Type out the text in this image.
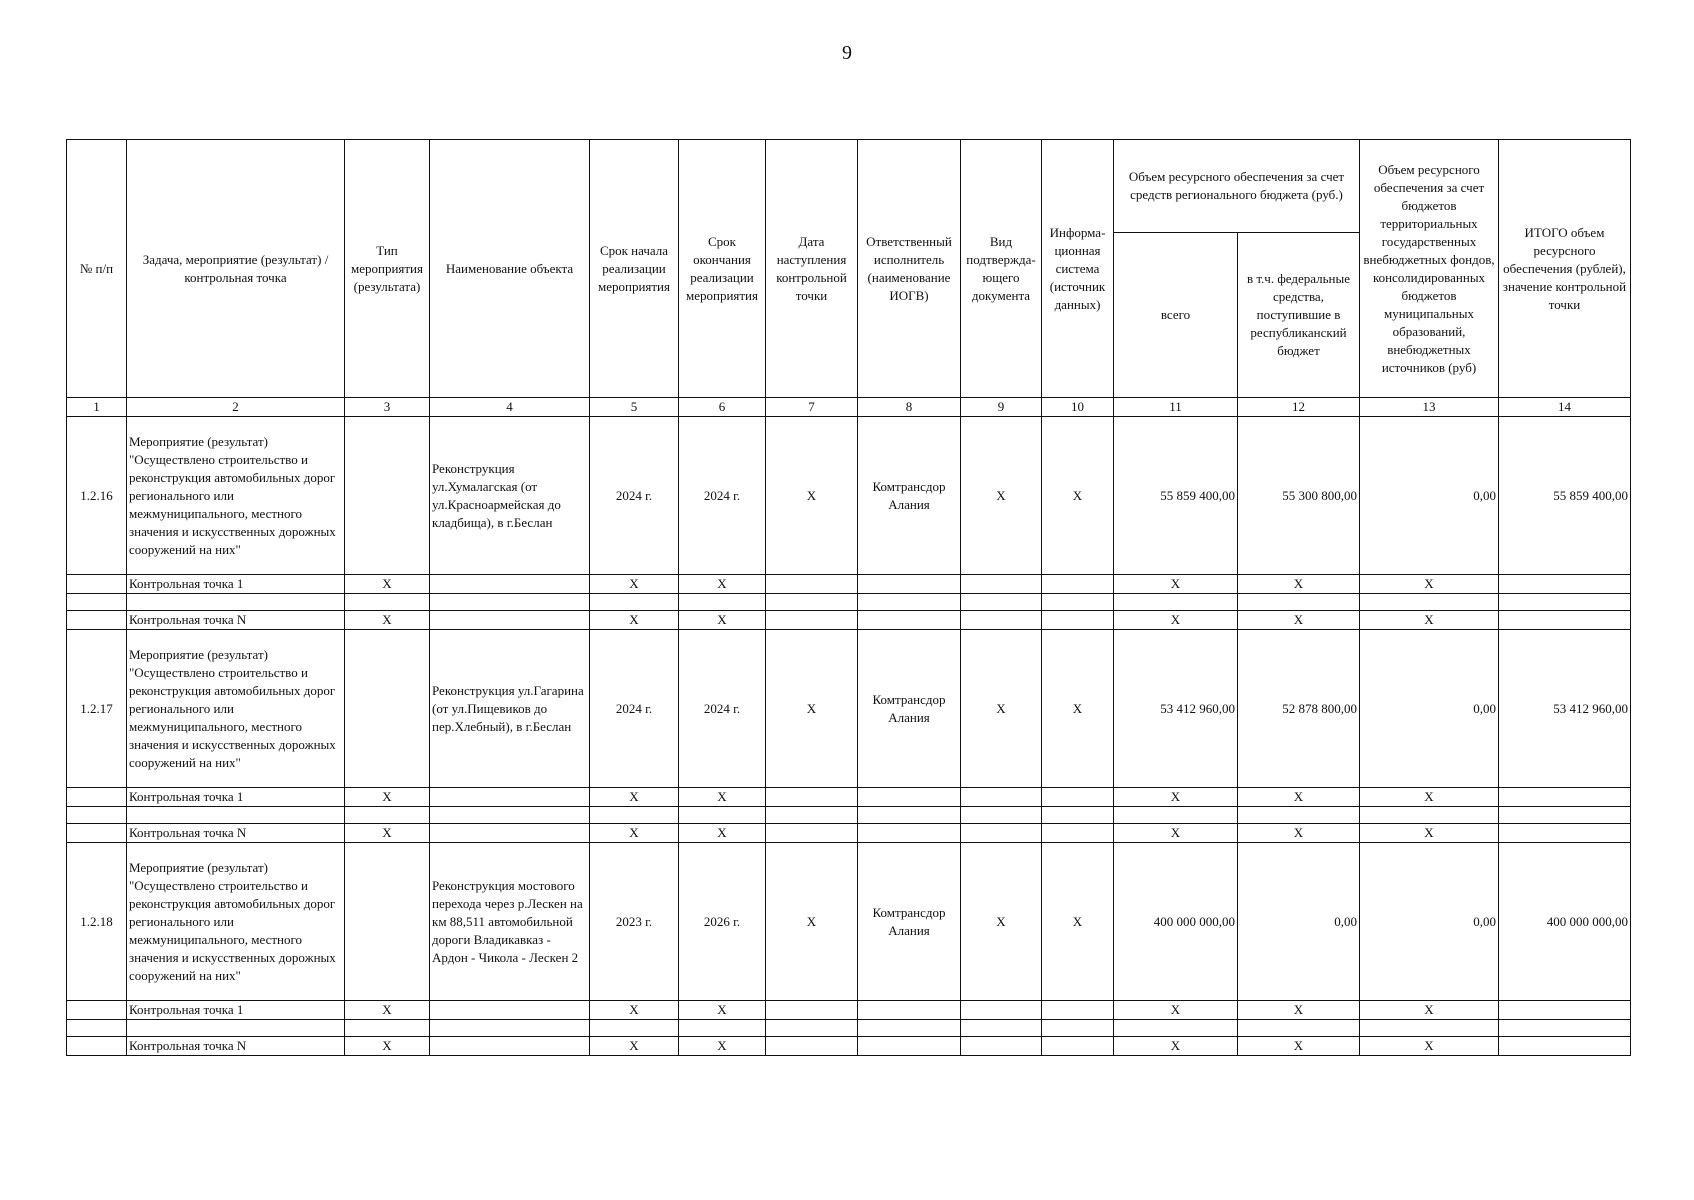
9
№ п/п	Задача, мероприятие (результат) / контрольная точка	Тип мероприятия (результата)	Наименование объекта	Срок начала реализации мероприятия	Срок окончания реализации мероприятия	Дата наступления контрольной точки	Ответственный исполнитель (наименование ИОГВ)	Вид подтвержда-ющего документа	Информа-ционная система (источник данных)	Объем ресурсного обеспечения за счет средств регионального бюджета (руб.)		Объем ресурсного обеспечения за счет бюджетов территориальных государственных внебюджетных фондов, консолидированных бюджетов муниципальных образований, внебюджетных источников (руб)	ИТОГО объем ресурсного обеспечения (рублей), значение контрольной точки
										всего	в т.ч. федеральные средства, поступившие в республиканский бюджет		
1	2	3	4	5	6	7	8	9	10	11	12	13	14
1.2.16	Мероприятие (результат) "Осуществлено строительство и реконструкция автомобильных дорог регионального или межмуниципального, местного значения и искусственных дорожных сооружений на них"		Реконструкция ул.Хумалагская (от ул.Красноармейская до кладбища), в г.Беслан	2024 г.	2024 г.	Х	Комтрансдор Алания	Х	Х	55 859 400,00	55 300 800,00	0,00	55 859 400,00
	Контрольная точка 1	Х		Х	Х					Х	Х	Х	

	Контрольная точка N	Х		Х	Х					Х	Х	Х	
1.2.17	Мероприятие (результат) "Осуществлено строительство и реконструкция автомобильных дорог регионального или межмуниципального, местного значения и искусственных дорожных сооружений на них"		Реконструкция ул.Гагарина (от ул.Пищевиков до пер.Хлебный), в г.Беслан	2024 г.	2024 г.	Х	Комтрансдор Алания	Х	Х	53 412 960,00	52 878 800,00	0,00	53 412 960,00
	Контрольная точка 1	Х		Х	Х					Х	Х	Х	

	Контрольная точка N	Х		Х	Х					Х	Х	Х	
1.2.18	Мероприятие (результат) "Осуществлено строительство и реконструкция автомобильных дорог регионального или межмуниципального, местного значения и искусственных дорожных сооружений на них"		Реконструкция мостового перехода через р.Лескен на км 88,511 автомобильной дороги Владикавказ - Ардон - Чикола - Лескен 2	2023 г.	2026 г.	Х	Комтрансдор Алания	Х	Х	400 000 000,00	0,00	0,00	400 000 000,00
	Контрольная точка 1	Х		Х	Х					Х	Х	Х	

	Контрольная точка N	Х		Х	Х					Х	Х	Х	
